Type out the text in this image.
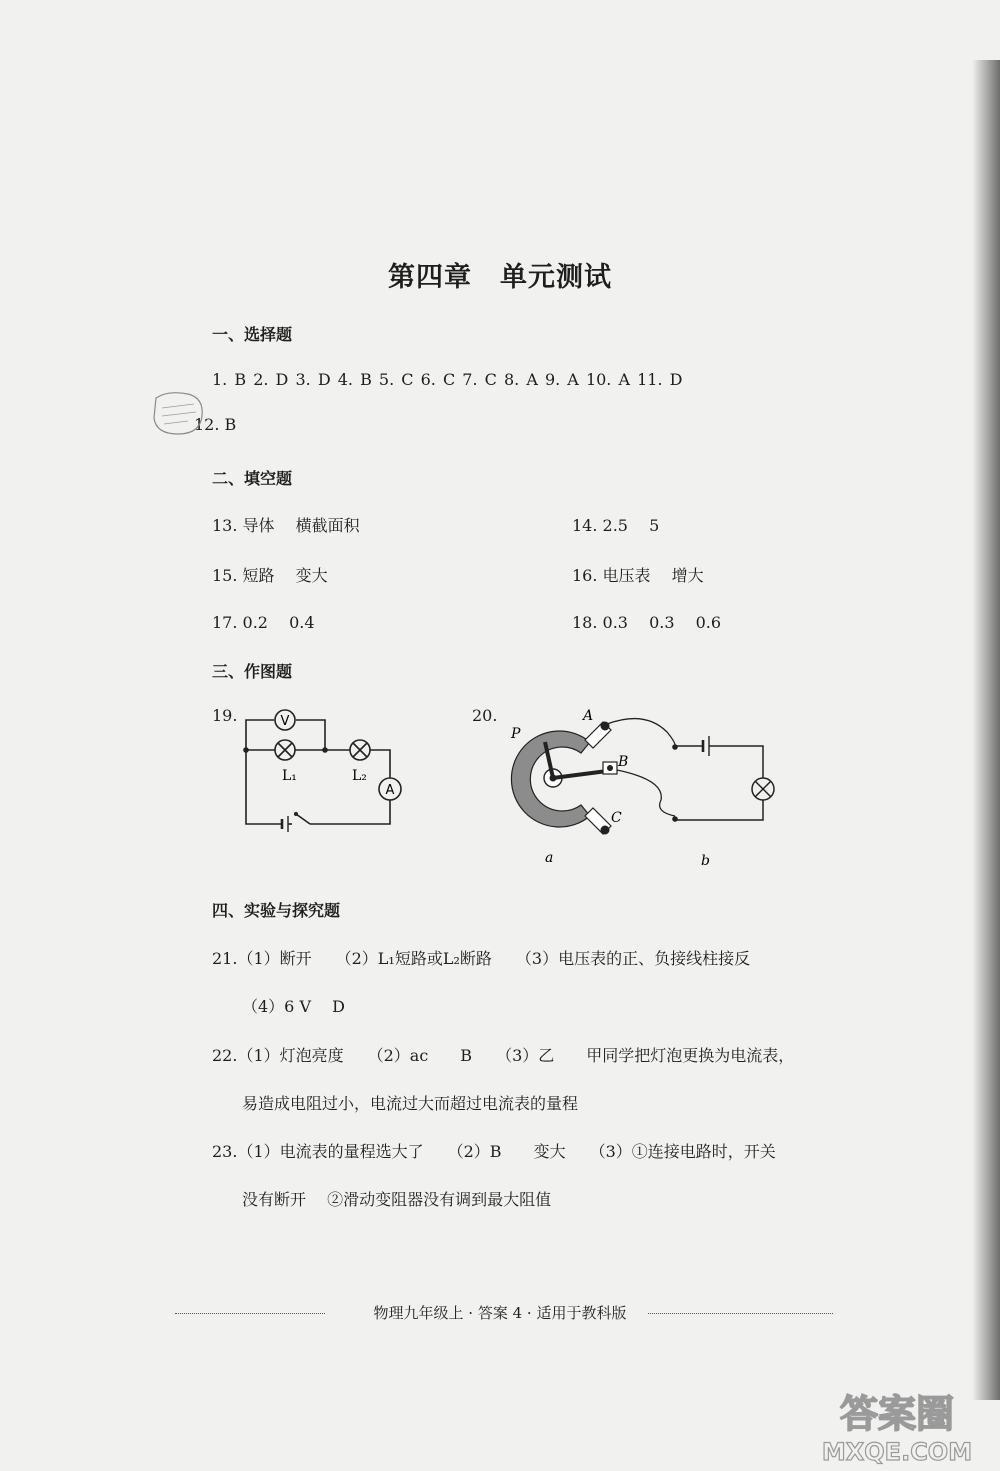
第四章　单元测试
一、选择题
1. B 2. D 3. D 4. B 5. C 6. C 7. C 8. A 9. A 10. A 11. D
12. B
二、填空题
13. 导体　 横截面积	14. 2.5　 5
15. 短路　 变大	16. 电压表　 增大
17. 0.2　 0.4	18. 0.3　 0.3　 0.6
三、作图题
19.	20.
V
A
L₁	L₂
P
A
B
C
a	b
四、实验与探究题
21.（1）断开　　（2）L₁短路或L₂断路　　（3）电压表的正、负接线柱接反
（4）6 V　 D
22.（1）灯泡亮度　　（2）ac　　B　　（3）乙　　甲同学把灯泡更换为电流表，
易造成电阻过小，电流过大而超过电流表的量程
23.（1）电流表的量程选大了　　（2）B　　变大　　（3）①连接电路时，开关
没有断开　 ②滑动变阻器没有调到最大阻值
物理九年级上 · 答案 4 · 适用于教科版
答案圈
MXQE.COM
